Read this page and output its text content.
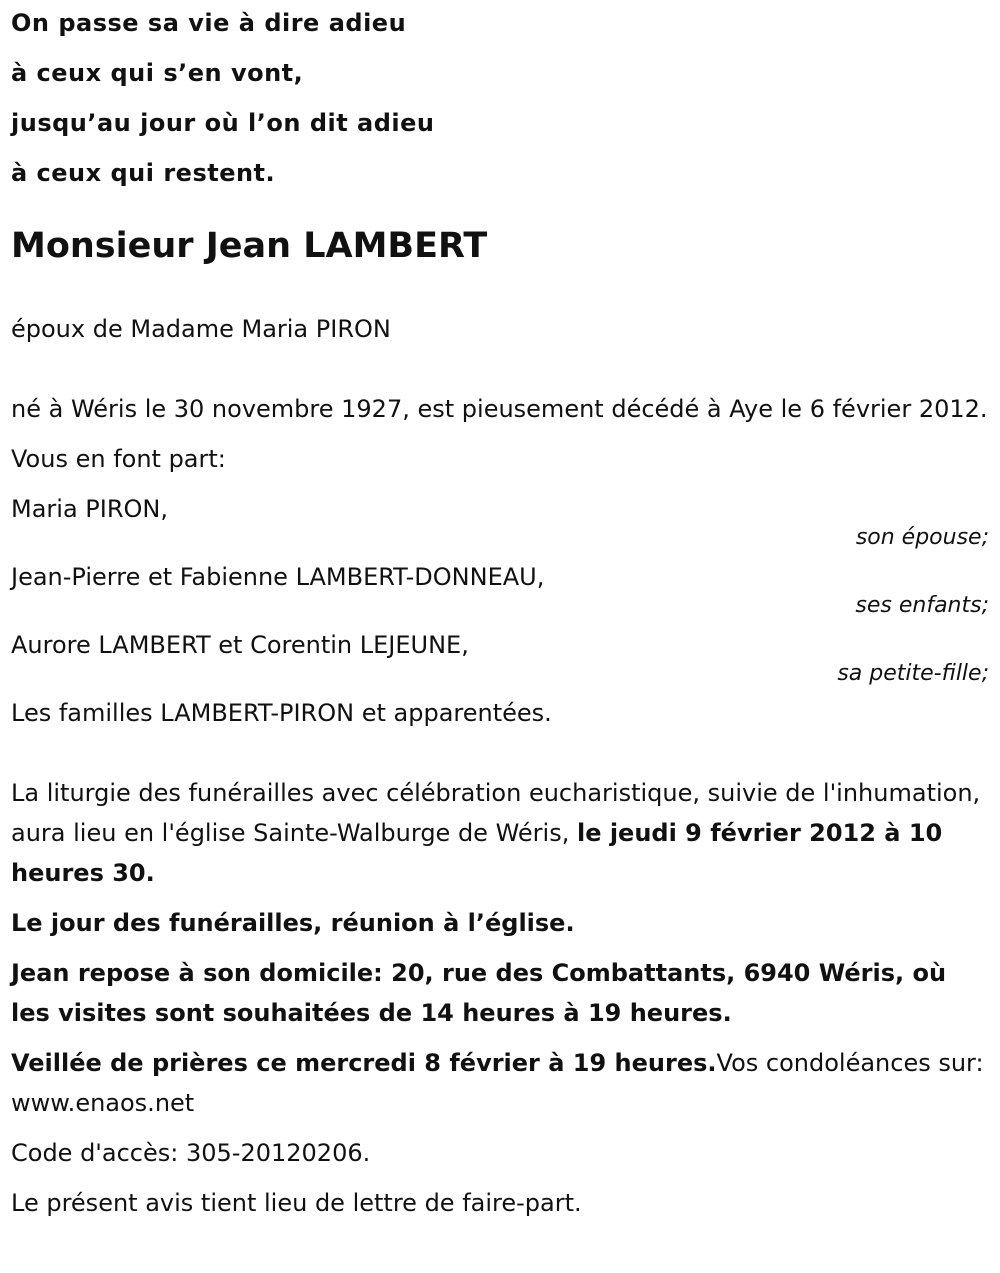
On passe sa vie à dire adieu
à ceux qui s’en vont,
jusqu’au jour où l’on dit adieu
à ceux qui restent.
Monsieur Jean LAMBERT

époux de Madame Maria PIRON

né à Wéris le 30 novembre 1927, est pieusement décédé à Aye le 6 février 2012.

Vous en font part:

Maria PIRON,

son épouse;

Jean-Pierre et Fabienne LAMBERT-DONNEAU,

ses enfants;

Aurore LAMBERT et Corentin LEJEUNE,

sa petite-fille;

Les familles LAMBERT-PIRON et apparentées.

La liturgie des funérailles avec célébration eucharistique, suivie de l'inhumation, aura lieu en l'église Sainte-Walburge de Wéris, le jeudi 9 février 2012 à 10 heures 30.

Le jour des funérailles, réunion à l’église.

Jean repose à son domicile: 20, rue des Combattants, 6940 Wéris, où les visites sont souhaitées de 14 heures à 19 heures.

Veillée de prières ce mercredi 8 février à 19 heures.Vos condoléances sur: www.enaos.net

Code d'accès: 305-20120206.

Le présent avis tient lieu de lettre de faire-part.
